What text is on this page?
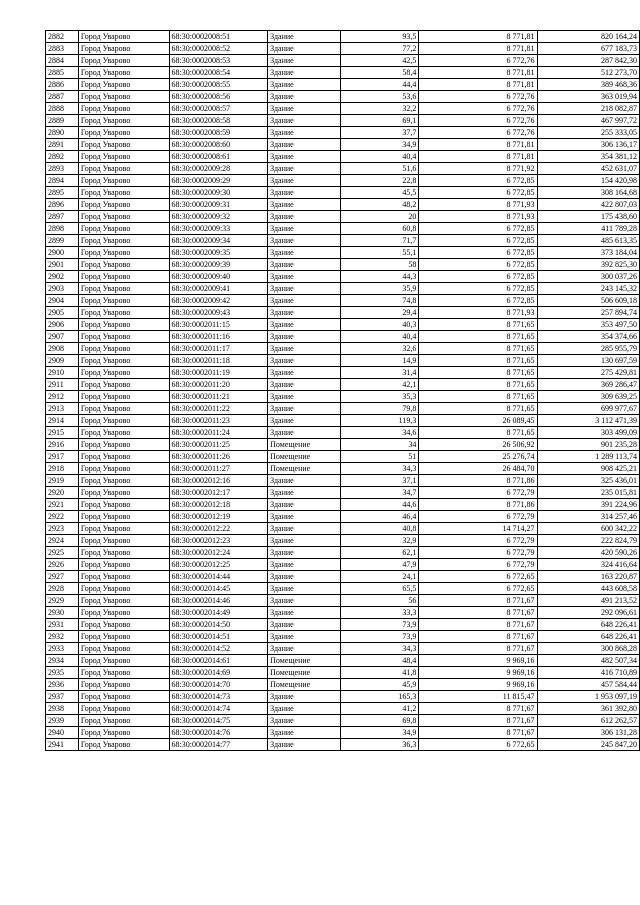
2882	Город Уварово	68:30:0002008:51	Здание	93,5	8 771,81	820 164,24
2883	Город Уварово	68:30:0002008:52	Здание	77,2	8 771,81	677 183,73
2884	Город Уварово	68:30:0002008:53	Здание	42,5	6 772,76	287 842,30
2885	Город Уварово	68:30:0002008:54	Здание	58,4	8 771,81	512 273,70
2886	Город Уварово	68:30:0002008:55	Здание	44,4	8 771,81	389 468,36
2887	Город Уварово	68:30:0002008:56	Здание	53,6	6 772,76	363 019,94
2888	Город Уварово	68:30:0002008:57	Здание	32,2	6 772,76	218 082,87
2889	Город Уварово	68:30:0002008:58	Здание	69,1	6 772,76	467 997,72
2890	Город Уварово	68:30:0002008:59	Здание	37,7	6 772,76	255 333,05
2891	Город Уварово	68:30:0002008:60	Здание	34,9	8 771,81	306 136,17
2892	Город Уварово	68:30:0002008:61	Здание	40,4	8 771,81	354 381,12
2893	Город Уварово	68:30:0002009:28	Здание	51,6	8 771,92	452 631,07
2894	Город Уварово	68:30:0002009:29	Здание	22,8	6 772,85	154 420,98
2895	Город Уварово	68:30:0002009:30	Здание	45,5	6 772,85	308 164,68
2896	Город Уварово	68:30:0002009:31	Здание	48,2	8 771,93	422 807,03
2897	Город Уварово	68:30:0002009:32	Здание	20	8 771,93	175 438,60
2898	Город Уварово	68:30:0002009:33	Здание	60,8	6 772,85	411 789,28
2899	Город Уварово	68:30:0002009:34	Здание	71,7	6 772,85	485 613,35
2900	Город Уварово	68:30:0002009:35	Здание	55,1	6 772,85	373 184,04
2901	Город Уварово	68:30:0002009:39	Здание	58	6 772,85	392 825,30
2902	Город Уварово	68:30:0002009:40	Здание	44,3	6 772,85	300 037,26
2903	Город Уварово	68:30:0002009:41	Здание	35,9	6 772,85	243 145,32
2904	Город Уварово	68:30:0002009:42	Здание	74,8	6 772,85	506 609,18
2905	Город Уварово	68:30:0002009:43	Здание	29,4	8 771,93	257 894,74
2906	Город Уварово	68:30:0002011:15	Здание	40,3	8 771,65	353 497,50
2907	Город Уварово	68:30:0002011:16	Здание	40,4	8 771,65	354 374,66
2908	Город Уварово	68:30:0002011:17	Здание	32,6	8 771,65	285 955,79
2909	Город Уварово	68:30:0002011:18	Здание	14,9	8 771,65	130 697,59
2910	Город Уварово	68:30:0002011:19	Здание	31,4	8 771,65	275 429,81
2911	Город Уварово	68:30:0002011:20	Здание	42,1	8 771,65	369 286,47
2912	Город Уварово	68:30:0002011:21	Здание	35,3	8 771,65	309 639,25
2913	Город Уварово	68:30:0002011:22	Здание	79,8	8 771,65	699 977,67
2914	Город Уварово	68:30:0002011:23	Здание	119,3	26 089,45	3 112 471,39
2915	Город Уварово	68:30:0002011:24	Здание	34,6	8 771,65	303 499,09
2916	Город Уварово	68:30:0002011:25	Помещение	34	26 506,92	901 235,28
2917	Город Уварово	68:30:0002011:26	Помещение	51	25 276,74	1 289 113,74
2918	Город Уварово	68:30:0002011:27	Помещение	34,3	26 484,70	908 425,21
2919	Город Уварово	68:30:0002012:16	Здание	37,1	8 771,86	325 436,01
2920	Город Уварово	68:30:0002012:17	Здание	34,7	6 772,79	235 015,81
2921	Город Уварово	68:30:0002012:18	Здание	44,6	8 771,86	391 224,96
2922	Город Уварово	68:30:0002012:19	Здание	46,4	6 772,79	314 257,46
2923	Город Уварово	68:30:0002012:22	Здание	40,8	14 714,27	600 342,22
2924	Город Уварово	68:30:0002012:23	Здание	32,9	6 772,79	222 824,79
2925	Город Уварово	68:30:0002012:24	Здание	62,1	6 772,79	420 590,26
2926	Город Уварово	68:30:0002012:25	Здание	47,9	6 772,79	324 416,64
2927	Город Уварово	68:30:0002014:44	Здание	24,1	6 772,65	163 220,87
2928	Город Уварово	68:30:0002014:45	Здание	65,5	6 772,65	443 608,58
2929	Город Уварово	68:30:0002014:46	Здание	56	8 771,67	491 213,52
2930	Город Уварово	68:30:0002014:49	Здание	33,3	8 771,67	292 096,61
2931	Город Уварово	68:30:0002014:50	Здание	73,9	8 771,67	648 226,41
2932	Город Уварово	68:30:0002014:51	Здание	73,9	8 771,67	648 226,41
2933	Город Уварово	68:30:0002014:52	Здание	34,3	8 771,67	300 868,28
2934	Город Уварово	68:30:0002014:61	Помещение	48,4	9 969,16	482 507,34
2935	Город Уварово	68:30:0002014:69	Помещение	41,8	9 969,16	416 710,89
2936	Город Уварово	68:30:0002014:70	Помещение	45,9	9 969,16	457 584,44
2937	Город Уварово	68:30:0002014:73	Здание	165,3	11 815,47	1 953 097,19
2938	Город Уварово	68:30:0002014:74	Здание	41,2	8 771,67	361 392,80
2939	Город Уварово	68:30:0002014:75	Здание	69,8	8 771,67	612 262,57
2940	Город Уварово	68:30:0002014:76	Здание	34,9	8 771,67	306 131,28
2941	Город Уварово	68:30:0002014:77	Здание	36,3	6 772,65	245 847,20
